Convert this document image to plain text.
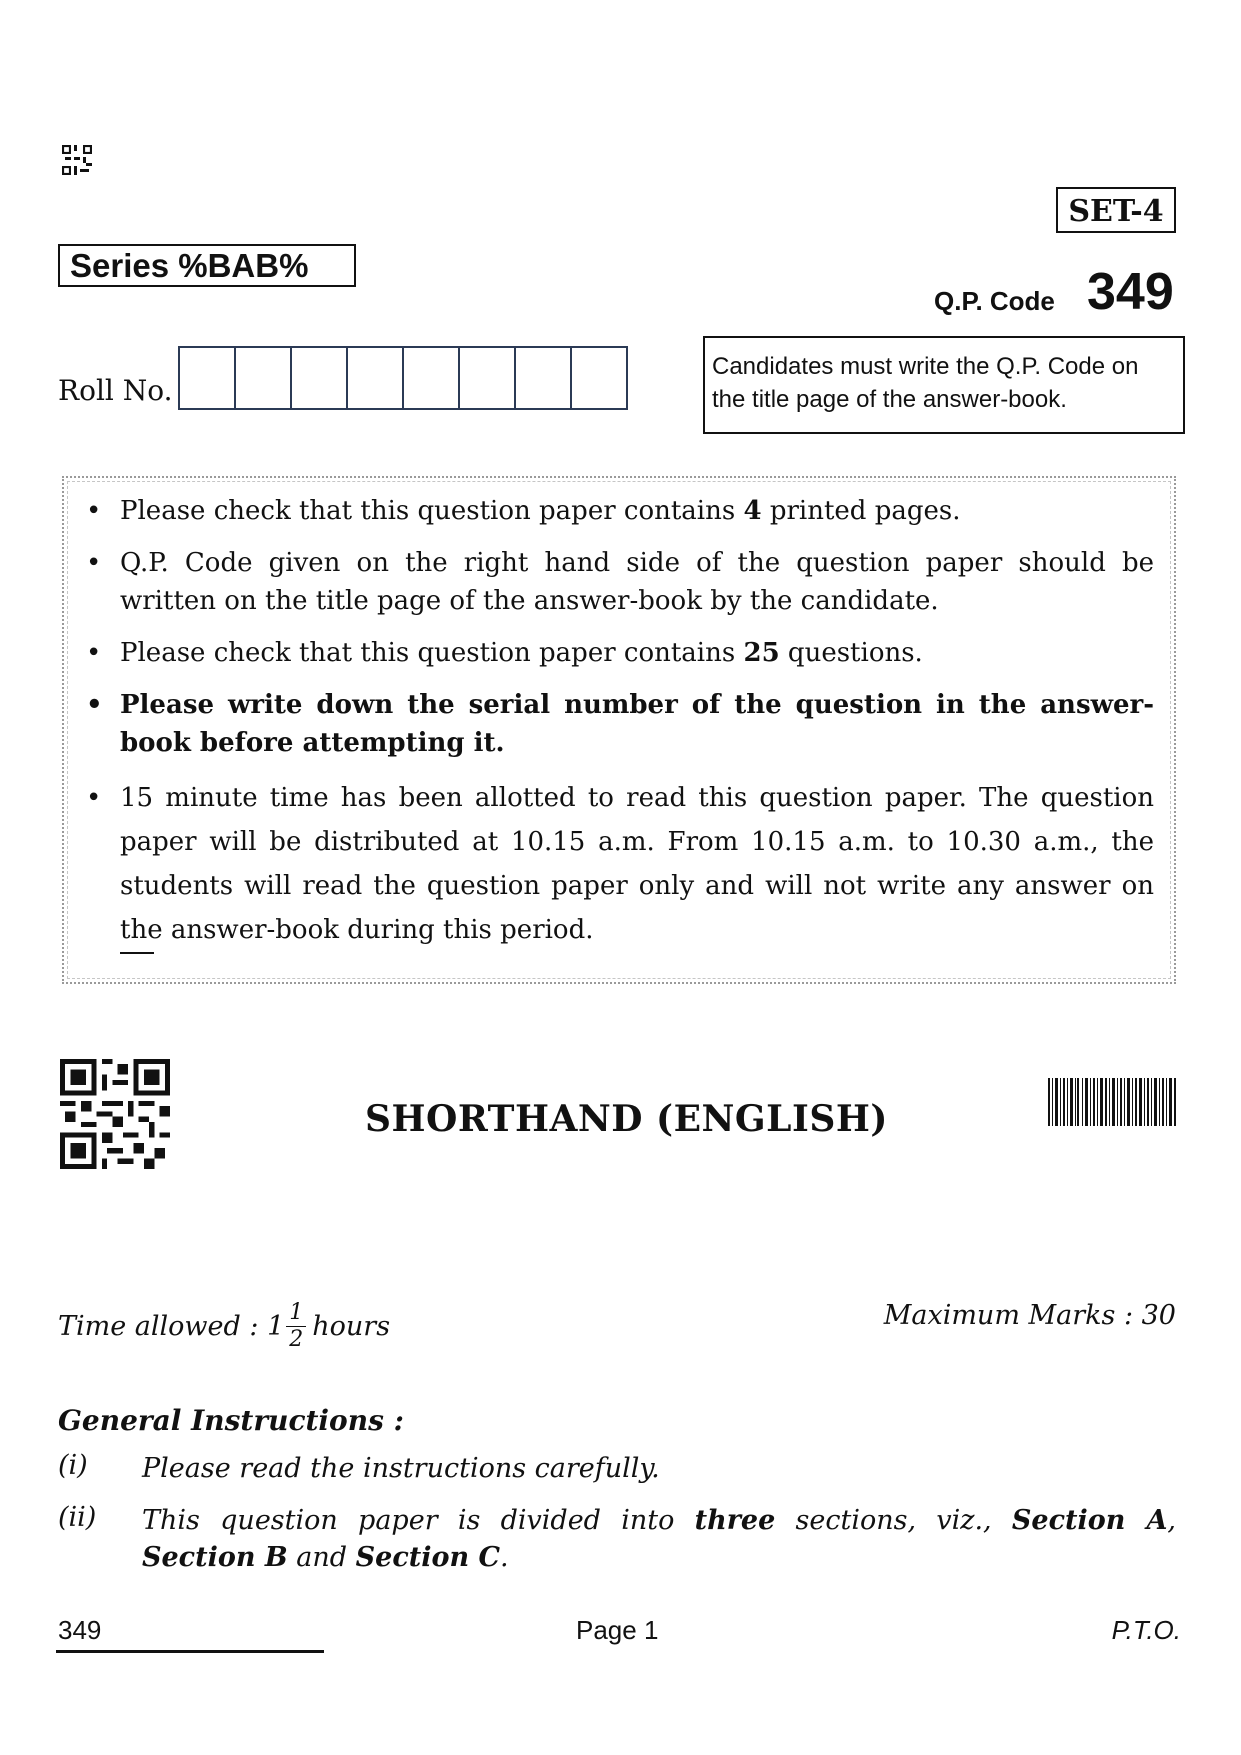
SET-4
Series %BAB%
Q.P. Code 349
Roll No.
Candidates must write the Q.P. Code on the title page of the answer-book.
• Please check that this question paper contains 4 printed pages.
• Q.P. Code given on the right hand side of the question paper should be written on the title page of the answer-book by the candidate.
• Please check that this question paper contains 25 questions.
• Please write down the serial number of the question in the answer-book before attempting it.
• 15 minute time has been allotted to read this question paper. The question paper will be distributed at 10.15 a.m. From 10.15 a.m. to 10.30 a.m., the students will read the question paper only and will not write any answer on the answer-book during this period.
SHORTHAND (ENGLISH)
Time allowed : $1 \frac{1}{2}$ hours	Maximum Marks : 30
General Instructions :
(i) Please read the instructions carefully.
(ii) This question paper is divided into three sections, viz., Section A, Section B and Section C.
349	Page 1	P.T.O.
